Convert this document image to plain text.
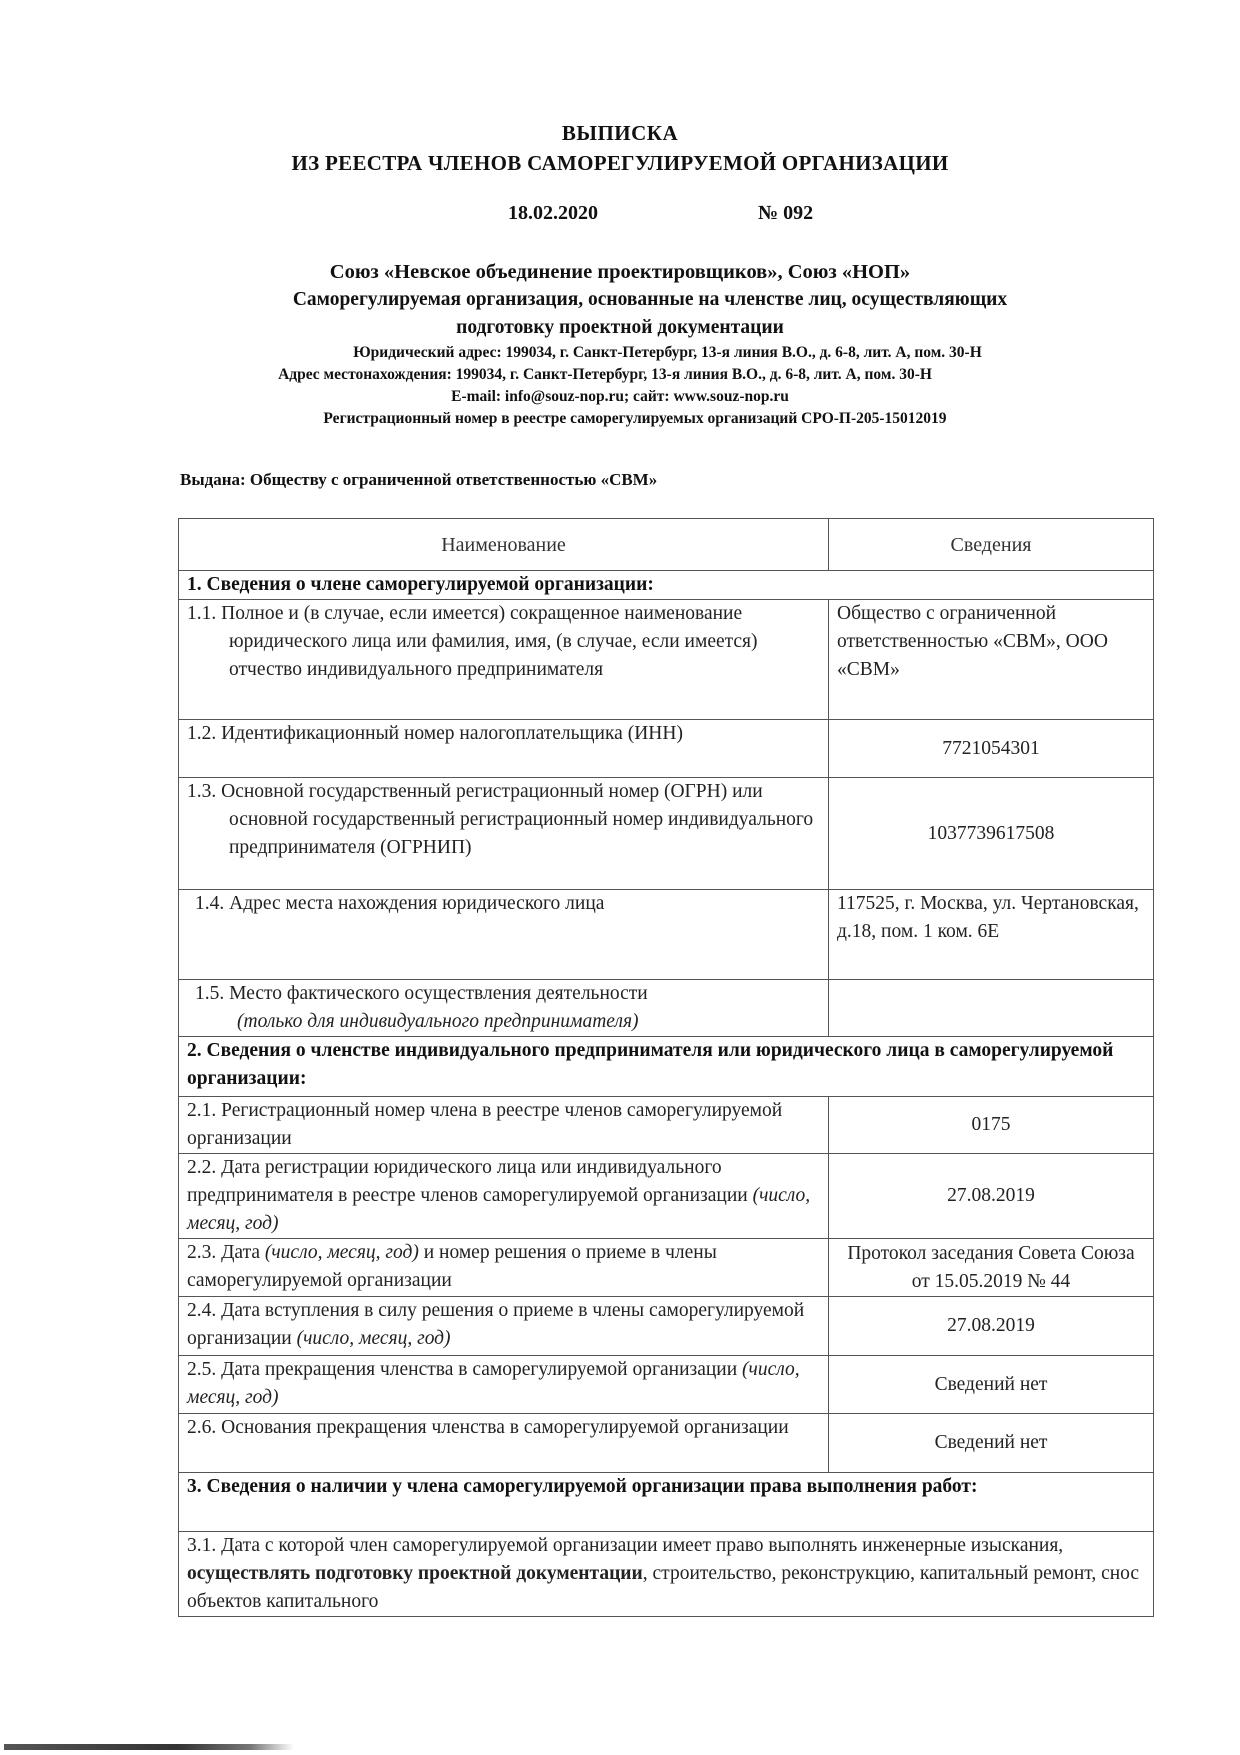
ВЫПИСКА
ИЗ РЕЕСТРА ЧЛЕНОВ САМОРЕГУЛИРУЕМОЙ ОРГАНИЗАЦИИ
18.02.2020	№ 092
Союз «Невское объединение проектировщиков», Союз «НОП»
Саморегулируемая организация, основанные на членстве лиц, осуществляющих
подготовку проектной документации
Юридический адрес: 199034, г. Санкт-Петербург, 13-я линия В.О., д. 6-8, лит. А, пом. 30-Н
Адрес местонахождения: 199034, г. Санкт-Петербург, 13-я линия В.О., д. 6-8, лит. А, пом. 30-Н
E-mail: info@souz-nop.ru; сайт: www.souz-nop.ru
Регистрационный номер в реестре саморегулируемых организаций СРО-П-205-15012019
Выдана: Обществу с ограниченной ответственностью «СВМ»
Наименование	Сведения
1. Сведения о члене саморегулируемой организации:	
1.1. Полное и (в случае, если имеется) сокращенное наименование юридического лица или фамилия, имя, (в случае, если имеется) отчество индивидуального предпринимателя	Общество с ограниченной ответственностью «СВМ», ООО «СВМ»
1.2. Идентификационный номер налогоплательщика (ИНН)	7721054301
1.3. Основной государственный регистрационный номер (ОГРН) или основной государственный регистрационный номер индивидуального предпринимателя (ОГРНИП)	1037739617508
1.4. Адрес места нахождения юридического лица	117525, г. Москва, ул. Чертановская, д.18, пом. 1 ком. 6Е
1.5. Место фактического осуществления деятельности
(только для индивидуального предпринимателя)	
2. Сведения о членстве индивидуального предпринимателя или юридического лица в саморегулируемой организации:	
2.1. Регистрационный номер члена в реестре членов саморегулируемой организации	0175
2.2. Дата регистрации юридического лица или индивидуального предпринимателя в реестре членов саморегулируемой организации (число, месяц, год)	27.08.2019
2.3. Дата (число, месяц, год) и номер решения о приеме в члены саморегулируемой организации	Протокол заседания Совета Союза от 15.05.2019 № 44
2.4. Дата вступления в силу решения о приеме в члены саморегулируемой организации (число, месяц, год)	27.08.2019
2.5. Дата прекращения членства в саморегулируемой организации (число, месяц, год)	Сведений нет
2.6. Основания прекращения членства в саморегулируемой организации	Сведений нет
3. Сведения о наличии у члена саморегулируемой организации права выполнения работ:	
3.1. Дата с которой член саморегулируемой организации имеет право выполнять инженерные изыскания, осуществлять подготовку проектной документации, строительство, реконструкцию, капитальный ремонт, снос объектов капитального	
